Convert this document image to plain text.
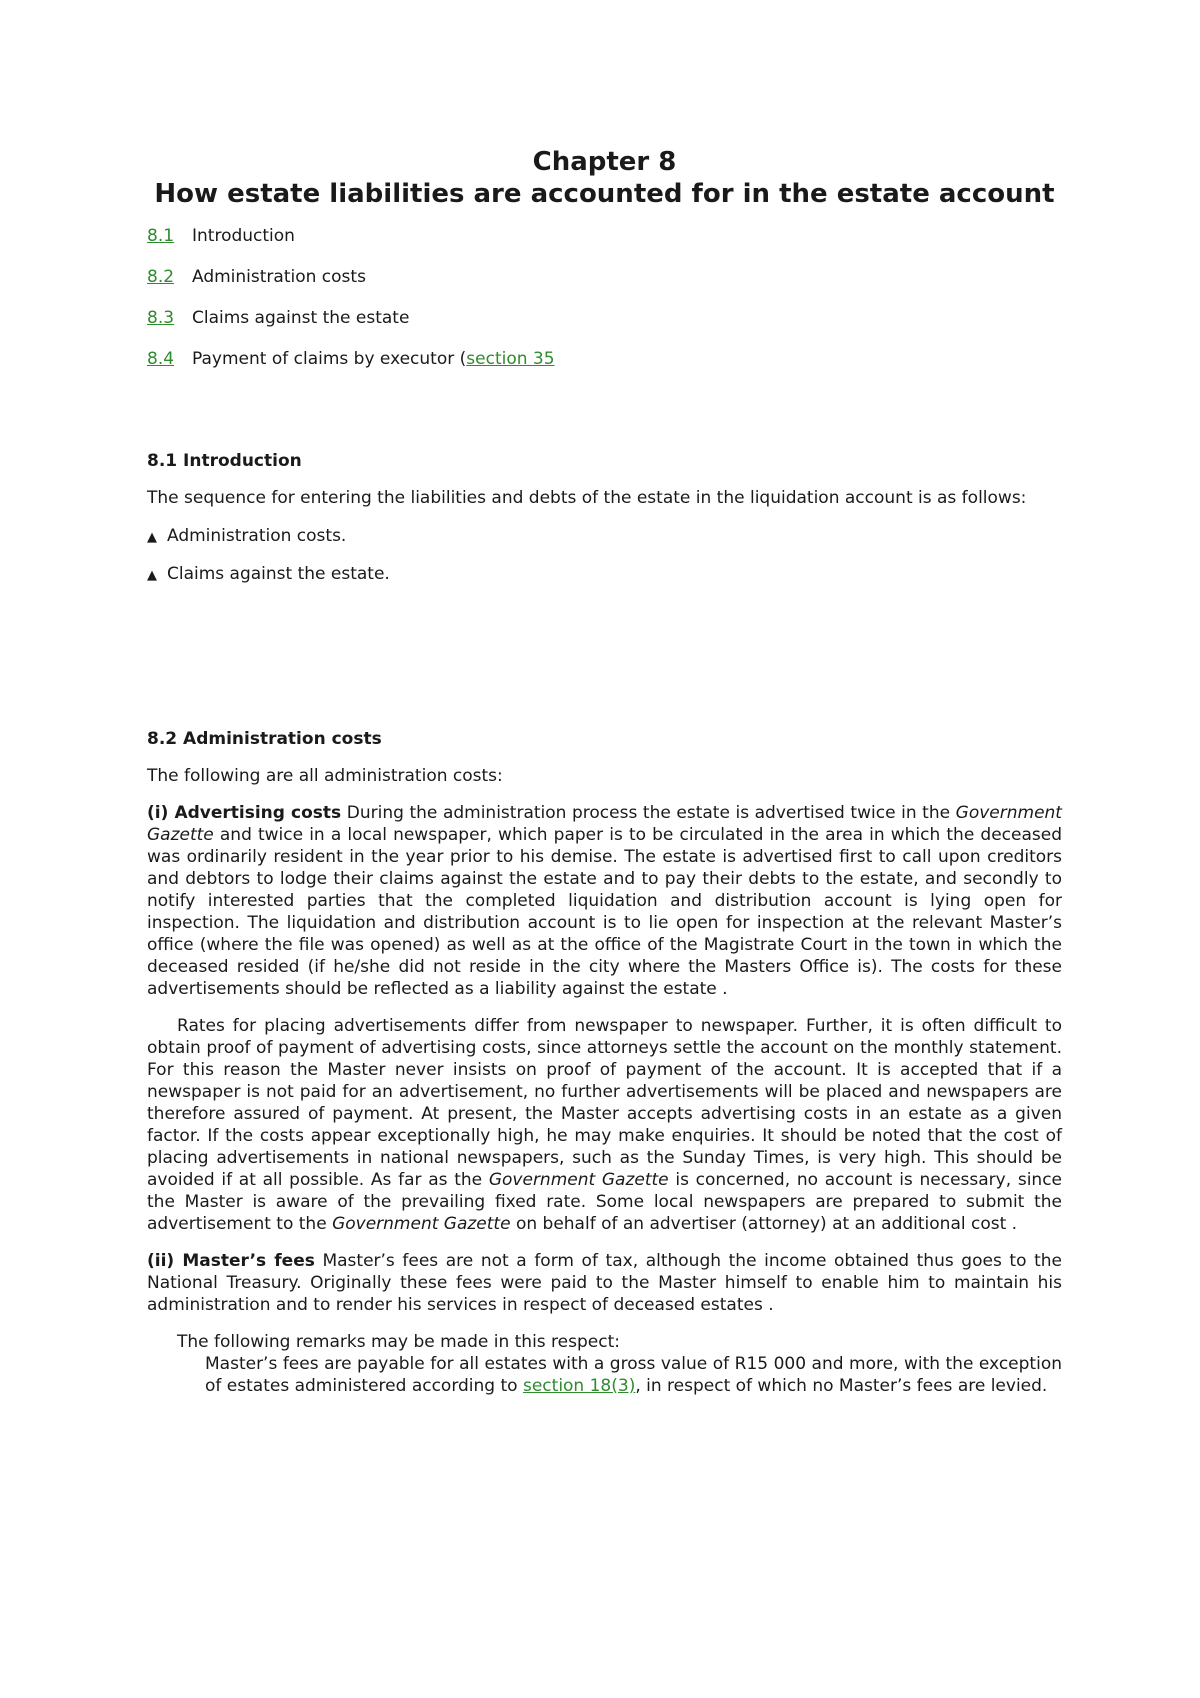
Chapter 8
How estate liabilities are accounted for in the estate account
8.1	Introduction
8.2	Administration costs
8.3	Claims against the estate
8.4	Payment of claims by executor (section 35
8.1 Introduction

The sequence for entering the liabilities and debts of the estate in the liquidation account is as follows:

▲ Administration costs.
▲ Claims against the estate.
8.2 Administration costs

The following are all administration costs:

(i) Advertising costs During the administration process the estate is advertised twice in the Government Gazette and twice in a local newspaper, which paper is to be circulated in the area in which the deceased was ordinarily resident in the year prior to his demise. The estate is advertised first to call upon creditors and debtors to lodge their claims against the estate and to pay their debts to the estate, and secondly to notify interested parties that the completed liquidation and distribution account is lying open for inspection. The liquidation and distribution account is to lie open for inspection at the relevant Master’s office (where the file was opened) as well as at the office of the Magistrate Court in the town in which the deceased resided (if he/she did not reside in the city where the Masters Office is). The costs for these advertisements should be reflected as a liability against the estate .

Rates for placing advertisements differ from newspaper to newspaper. Further, it is often difficult to obtain proof of payment of advertising costs, since attorneys settle the account on the monthly statement. For this reason the Master never insists on proof of payment of the account. It is accepted that if a newspaper is not paid for an advertisement, no further advertisements will be placed and newspapers are therefore assured of payment. At present, the Master accepts advertising costs in an estate as a given factor. If the costs appear exceptionally high, he may make enquiries. It should be noted that the cost of placing advertisements in national newspapers, such as the Sunday Times, is very high. This should be avoided if at all possible. As far as the Government Gazette is concerned, no account is necessary, since the Master is aware of the prevailing fixed rate. Some local newspapers are prepared to submit the advertisement to the Government Gazette on behalf of an advertiser (attorney) at an additional cost .

(ii) Master’s fees Master’s fees are not a form of tax, although the income obtained thus goes to the National Treasury. Originally these fees were paid to the Master himself to enable him to maintain his administration and to render his services in respect of deceased estates .

The following remarks may be made in this respect:

Master’s fees are payable for all estates with a gross value of R15 000 and more, with the exception of estates administered according to section 18(3), in respect of which no Master’s fees are levied.
